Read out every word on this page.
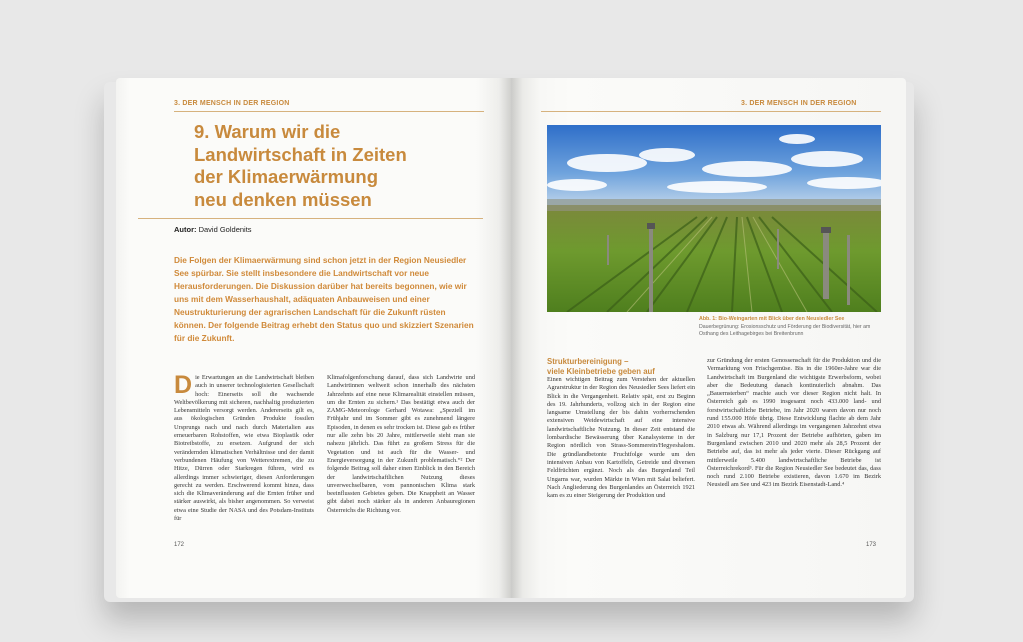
3. DER MENSCH IN DER REGION
9. Warum wir die
Landwirtschaft in Zeiten
der Klimaerwärmung
neu denken müssen
Autor: David Goldenits
Die Folgen der Klimaerwärmung sind schon jetzt in der Region Neusiedler See spürbar. Sie stellt insbesondere die Landwirtschaft vor neue Herausforderungen. Die Diskussion darüber hat bereits begonnen, wie wir uns mit dem Wasserhaushalt, adäquaten Anbauweisen und einer Neustrukturierung der agrarischen Landschaft für die Zukunft rüsten können. Der folgende Beitrag erhebt den Status quo und skizziert Szenarien für die Zukunft.
Die Erwartungen an die Landwirtschaft bleiben auch in unserer technologisierten Gesellschaft hoch: Einerseits soll die wachsende Weltbevölkerung mit sicheren, nachhaltig produzierten Lebensmitteln versorgt werden. Andererseits gilt es, aus ökologischen Gründen Produkte fossilen Ursprungs nach und nach durch Materialien aus erneuerbaren Rohstoffen, wie etwa Bioplastik oder Biotreibstoffe, zu ersetzen. Aufgrund der sich verändernden klimatischen Verhältnisse und der damit verbundenen Häufung von Wetterextremen, die zu Hitze, Dürren oder Starkregen führen, wird es allerdings immer schwieriger, diesen Anforderungen gerecht zu werden. Erschwerend kommt hinzu, dass sich die Klimaveränderung auf die Ernten früher und stärker auswirkt, als bisher angenommen. So verweist etwa eine Studie der NASA und des Potsdam-Instituts für
Klimafolgenforschung darauf, dass sich Landwirte und Landwirtinnen weltweit schon innerhalb des nächsten Jahrzehnts auf eine neue Klimarealität einstellen müssen, um die Ernten zu sichern.¹ Das bestätigt etwa auch der ZAMG-Meteorologe Gerhard Wotawa: „Speziell im Frühjahr und im Sommer gibt es zunehmend längere Episoden, in denen es sehr trocken ist. Diese gab es früher nur alle zehn bis 20 Jahre, mittlerweile sieht man sie nahezu jährlich. Das führt zu großem Stress für die Vegetation und ist auch für die Wasser- und Energieversorgung in der Zukunft problematisch.“² Der folgende Beitrag soll daher einen Einblick in den Bereich der landwirtschaftlichen Nutzung dieses unverwechselbaren, vom pannonischen Klima stark beeinflussten Gebietes geben. Die Knappheit an Wasser gibt dabei noch stärker als in anderen Anbauregionen Österreichs die Richtung vor.
172
3. DER MENSCH IN DER REGION
Abb. 1: Bio-Weingarten mit Blick über den Neusiedler See
Dauerbegrünung: Erosionsschutz und Förderung der Biodiversität, hier am Osthang des Leithagebirges bei Breitenbrunn
Strukturbereinigung –
viele Kleinbetriebe geben auf
Einen wichtigen Beitrag zum Verstehen der aktuellen Agrarstruktur in der Region des Neusiedler Sees liefert ein Blick in die Vergangenheit. Relativ spät, erst zu Beginn des 19. Jahrhunderts, vollzog sich in der Region eine langsame Umstellung der bis dahin vorherrschenden extensiven Weidewirtschaft auf eine intensive landwirtschaftliche Nutzung. In dieser Zeit entstand die lombardische Bewässerung über Kanalsysteme in der Region nördlich von Strass-Sommerein/Hegyeshalom. Die gründlandbetonte Fruchtfolge wurde um den intensiven Anbau von Kartoffeln, Getreide und diversen Feldfrüchten ergänzt. Noch als das Burgenland Teil Ungarns war, wurden Märkte in Wien mit Salat beliefert. Nach Angliederung des Burgenlandes an Österreich 1921 kam es zu einer Steigerung der Produktion und
zur Gründung der ersten Genossenschaft für die Produktion und die Vermarktung von Frischgemüse. Bis in die 1960er-Jahre war die Landwirtschaft im Burgenland die wichtigste Erwerbsform, wobei aber die Bedeutung danach kontinuierlich abnahm. Das „Bauernsterben“ machte auch vor dieser Region nicht halt. In Österreich gab es 1990 insgesamt noch 433.000 land- und forstwirtschaftliche Betriebe, im Jahr 2020 waren davon nur noch rund 155.000 Höfe übrig. Diese Entwicklung flachte ab dem Jahr 2010 etwas ab. Während allerdings im vergangenen Jahrzehnt etwa in Salzburg nur 17,1 Prozent der Betriebe aufhörten, gaben im Burgenland zwischen 2010 und 2020 mehr als 28,5 Prozent der Betriebe auf, das ist mehr als jeder vierte. Dieser Rückgang auf mittlerweile 5.400 landwirtschaftliche Betriebe ist Österreichrekord³. Für die Region Neusiedler See bedeutet das, dass noch rund 2.100 Betriebe existieren, davon 1.670 im Bezirk Neusiedl am See und 423 im Bezirk Eisenstadt-Land.⁴
173
